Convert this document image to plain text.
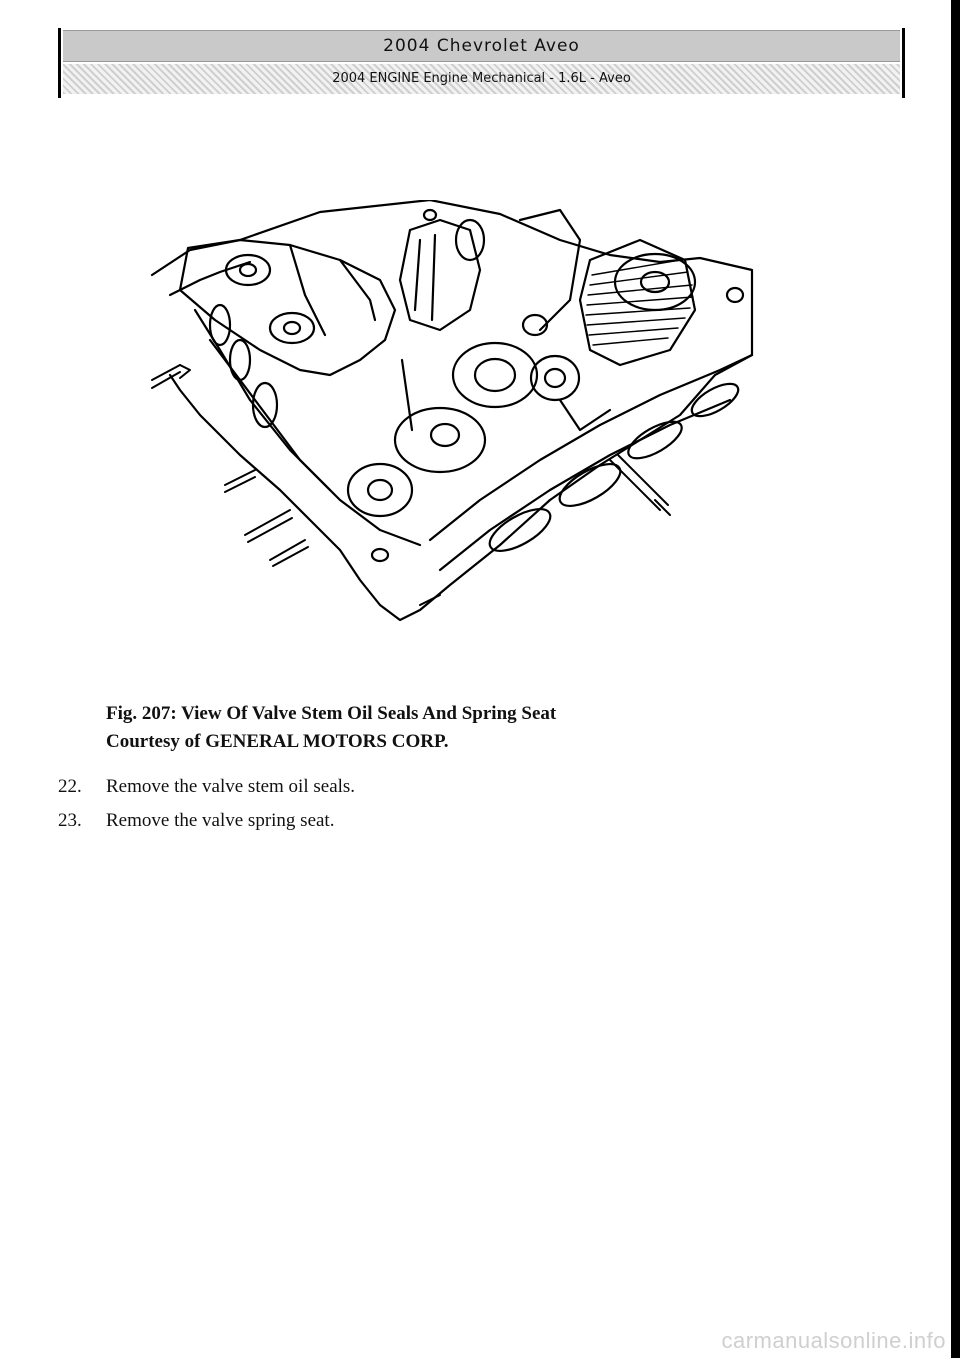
2004 Chevrolet Aveo
2004 ENGINE Engine Mechanical - 1.6L - Aveo
Fig. 207: View Of Valve Stem Oil Seals And Spring Seat
Courtesy of GENERAL MOTORS CORP.
22.	Remove the valve stem oil seals.
23.	Remove the valve spring seat.
carmanualsonline.info
